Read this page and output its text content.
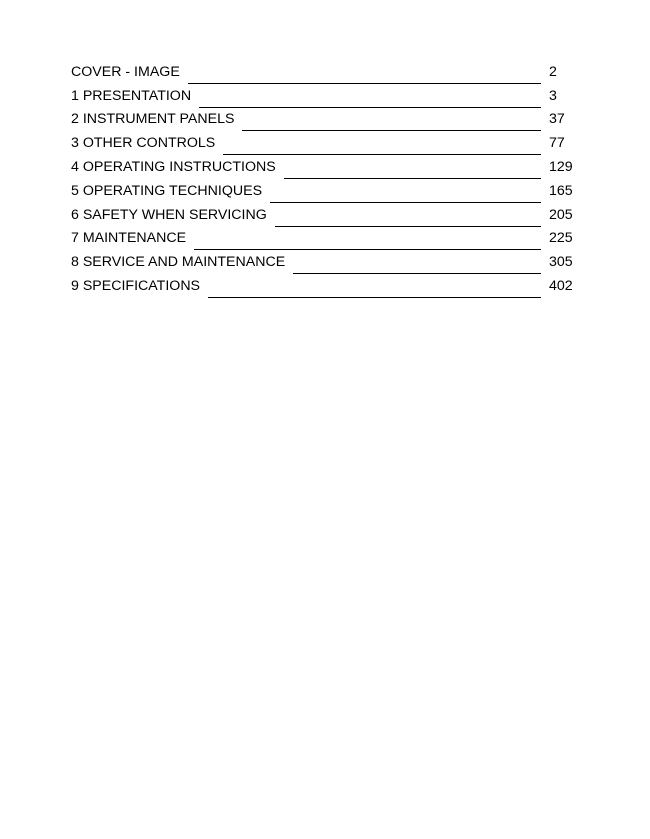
COVER - IMAGE	2
1 PRESENTATION	3
2 INSTRUMENT PANELS	37
3 OTHER CONTROLS	77
4 OPERATING INSTRUCTIONS	129
5 OPERATING TECHNIQUES	165
6 SAFETY WHEN SERVICING	205
7 MAINTENANCE	225
8 SERVICE AND MAINTENANCE	305
9 SPECIFICATIONS	402
